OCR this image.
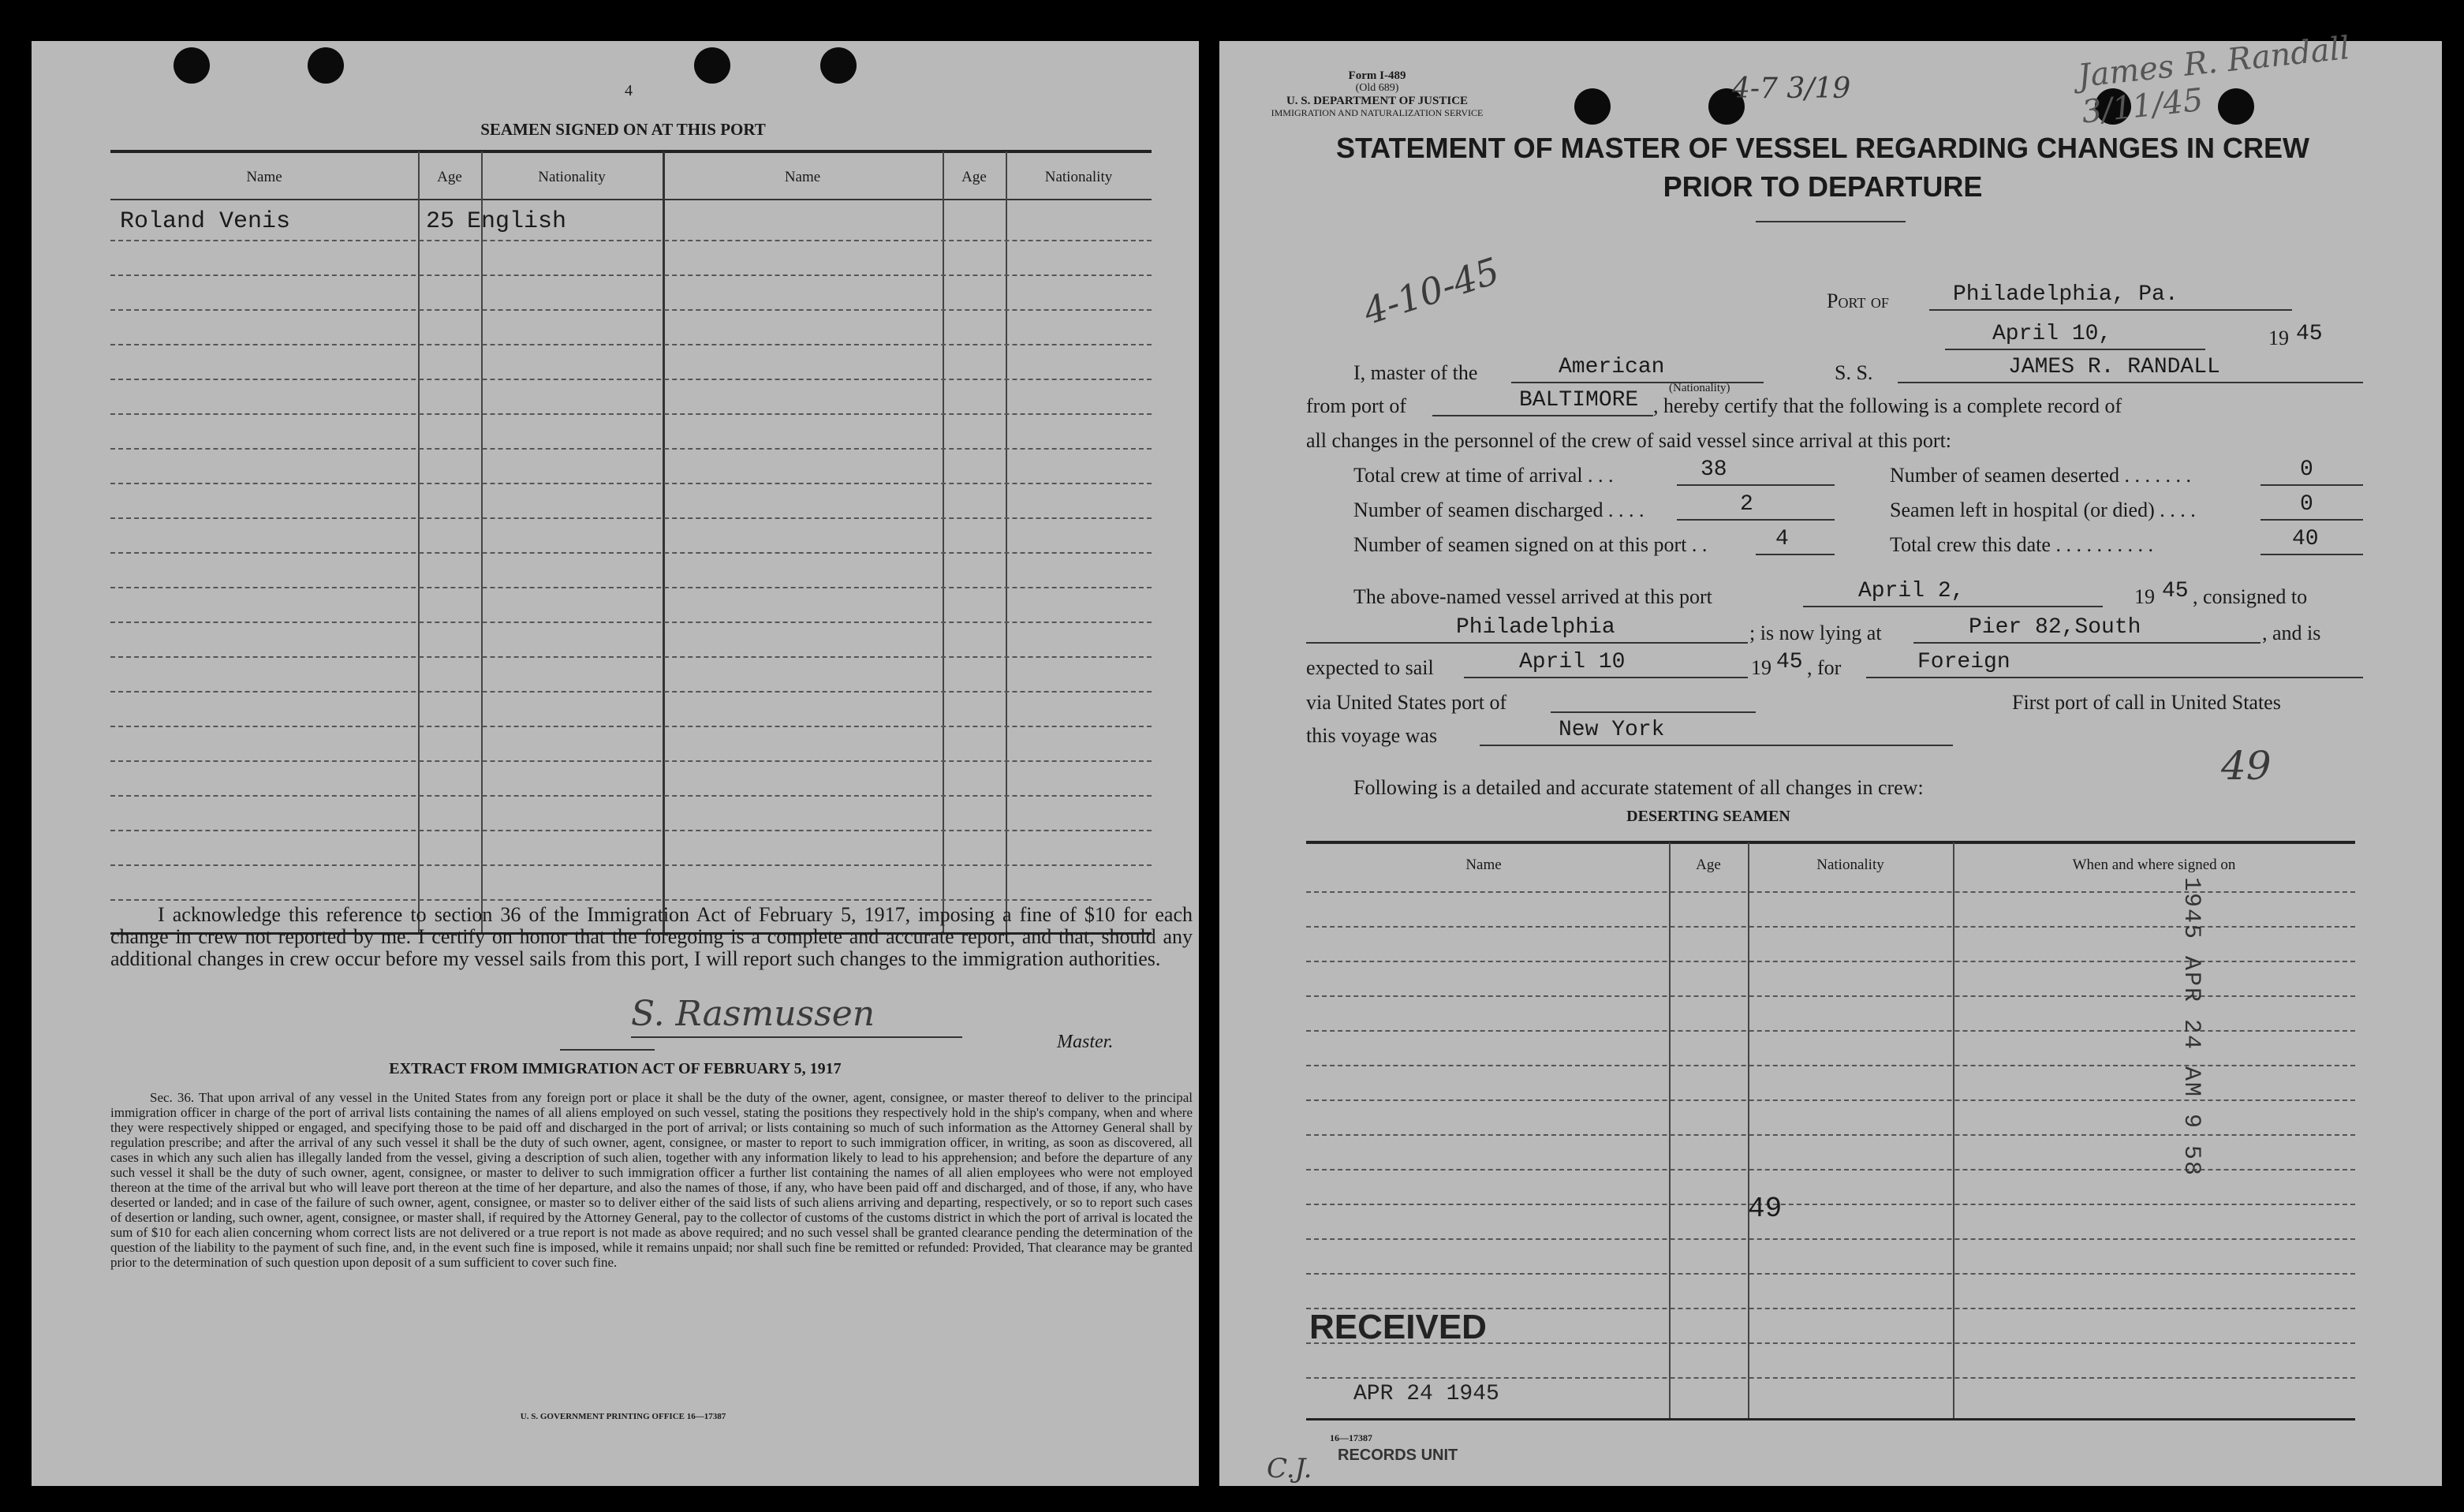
4
SEAMEN SIGNED ON AT THIS PORT
Name	Age	Nationality	Name	Age	Nationality
Roland Venis	25 English
I acknowledge this reference to section 36 of the Immigration Act of February 5, 1917, imposing a fine of $10 for each change in crew not reported by me. I certify on honor that the foregoing is a complete and accurate report, and that, should any additional changes in crew occur before my vessel sails from this port, I will report such changes to the immigration authorities.
S. Rasmussen
Master.
EXTRACT FROM IMMIGRATION ACT OF FEBRUARY 5, 1917
Sec. 36. That upon arrival of any vessel in the United States from any foreign port or place it shall be the duty of the owner, agent, consignee, or master thereof to deliver to the principal immigration officer in charge of the port of arrival lists containing the names of all aliens employed on such vessel, stating the positions they respectively hold in the ship's company, when and where they were respectively shipped or engaged, and specifying those to be paid off and discharged in the port of arrival; or lists containing so much of such information as the Attorney General shall by regulation prescribe; and after the arrival of any such vessel it shall be the duty of such owner, agent, consignee, or master to report to such immigration officer, in writing, as soon as discovered, all cases in which any such alien has illegally landed from the vessel, giving a description of such alien, together with any information likely to lead to his apprehension; and before the departure of any such vessel it shall be the duty of such owner, agent, consignee, or master to deliver to such immigration officer a further list containing the names of all alien employees who were not employed thereon at the time of the arrival but who will leave port thereon at the time of her departure, and also the names of those, if any, who have been paid off and discharged, and of those, if any, who have deserted or landed; and in case of the failure of such owner, agent, consignee, or master so to deliver either of the said lists of such aliens arriving and departing, respectively, or so to report such cases of desertion or landing, such owner, agent, consignee, or master shall, if required by the Attorney General, pay to the collector of customs of the customs district in which the port of arrival is located the sum of $10 for each alien concerning whom correct lists are not delivered or a true report is not made as above required; and no such vessel shall be granted clearance pending the determination of the question of the liability to the payment of such fine, and, in the event such fine is imposed, while it remains unpaid; nor shall such fine be remitted or refunded: Provided, That clearance may be granted prior to the determination of such question upon deposit of a sum sufficient to cover such fine.
U. S. GOVERNMENT PRINTING OFFICE 16—17387
Form I-489
(Old 689)
U. S. DEPARTMENT OF JUSTICE
IMMIGRATION AND NATURALIZATION SERVICE
4-7 3/19	James R. Randall 3/11/45
STATEMENT OF MASTER OF VESSEL REGARDING CHANGES IN CREW
PRIOR TO DEPARTURE
4-10-45	Port of	Philadelphia, Pa.
April 10,	19 45
I, master of the	American
(Nationality)
S. S.	JAMES R. RANDALL
from port of	BALTIMORE , hereby certify that the following is a complete record of
all changes in the personnel of the crew of said vessel since arrival at this port:
Total crew at time of arrival . . .	38	Number of seamen deserted . . . . . . .	0
Number of seamen discharged . . . .	2	Seamen left in hospital (or died) . . . .	0
Number of seamen signed on at this port . .	4	Total crew this date . . . . . . . . . .	40
The above-named vessel arrived at this port	April 2,	19 45 , consigned to
Philadelphia	; is now lying at	Pier 82,South	, and is
expected to sail	April 10	19 45 , for	Foreign
via United States port of	First port of call in United States
this voyage was	New York
49
Following is a detailed and accurate statement of all changes in crew:
DESERTING SEAMEN
Name	Age	Nationality	When and where signed on
1945 APR 24 AM 9 58
49
RECEIVED
APR 24 1945
16—17387
RECORDS UNIT
C.J.
